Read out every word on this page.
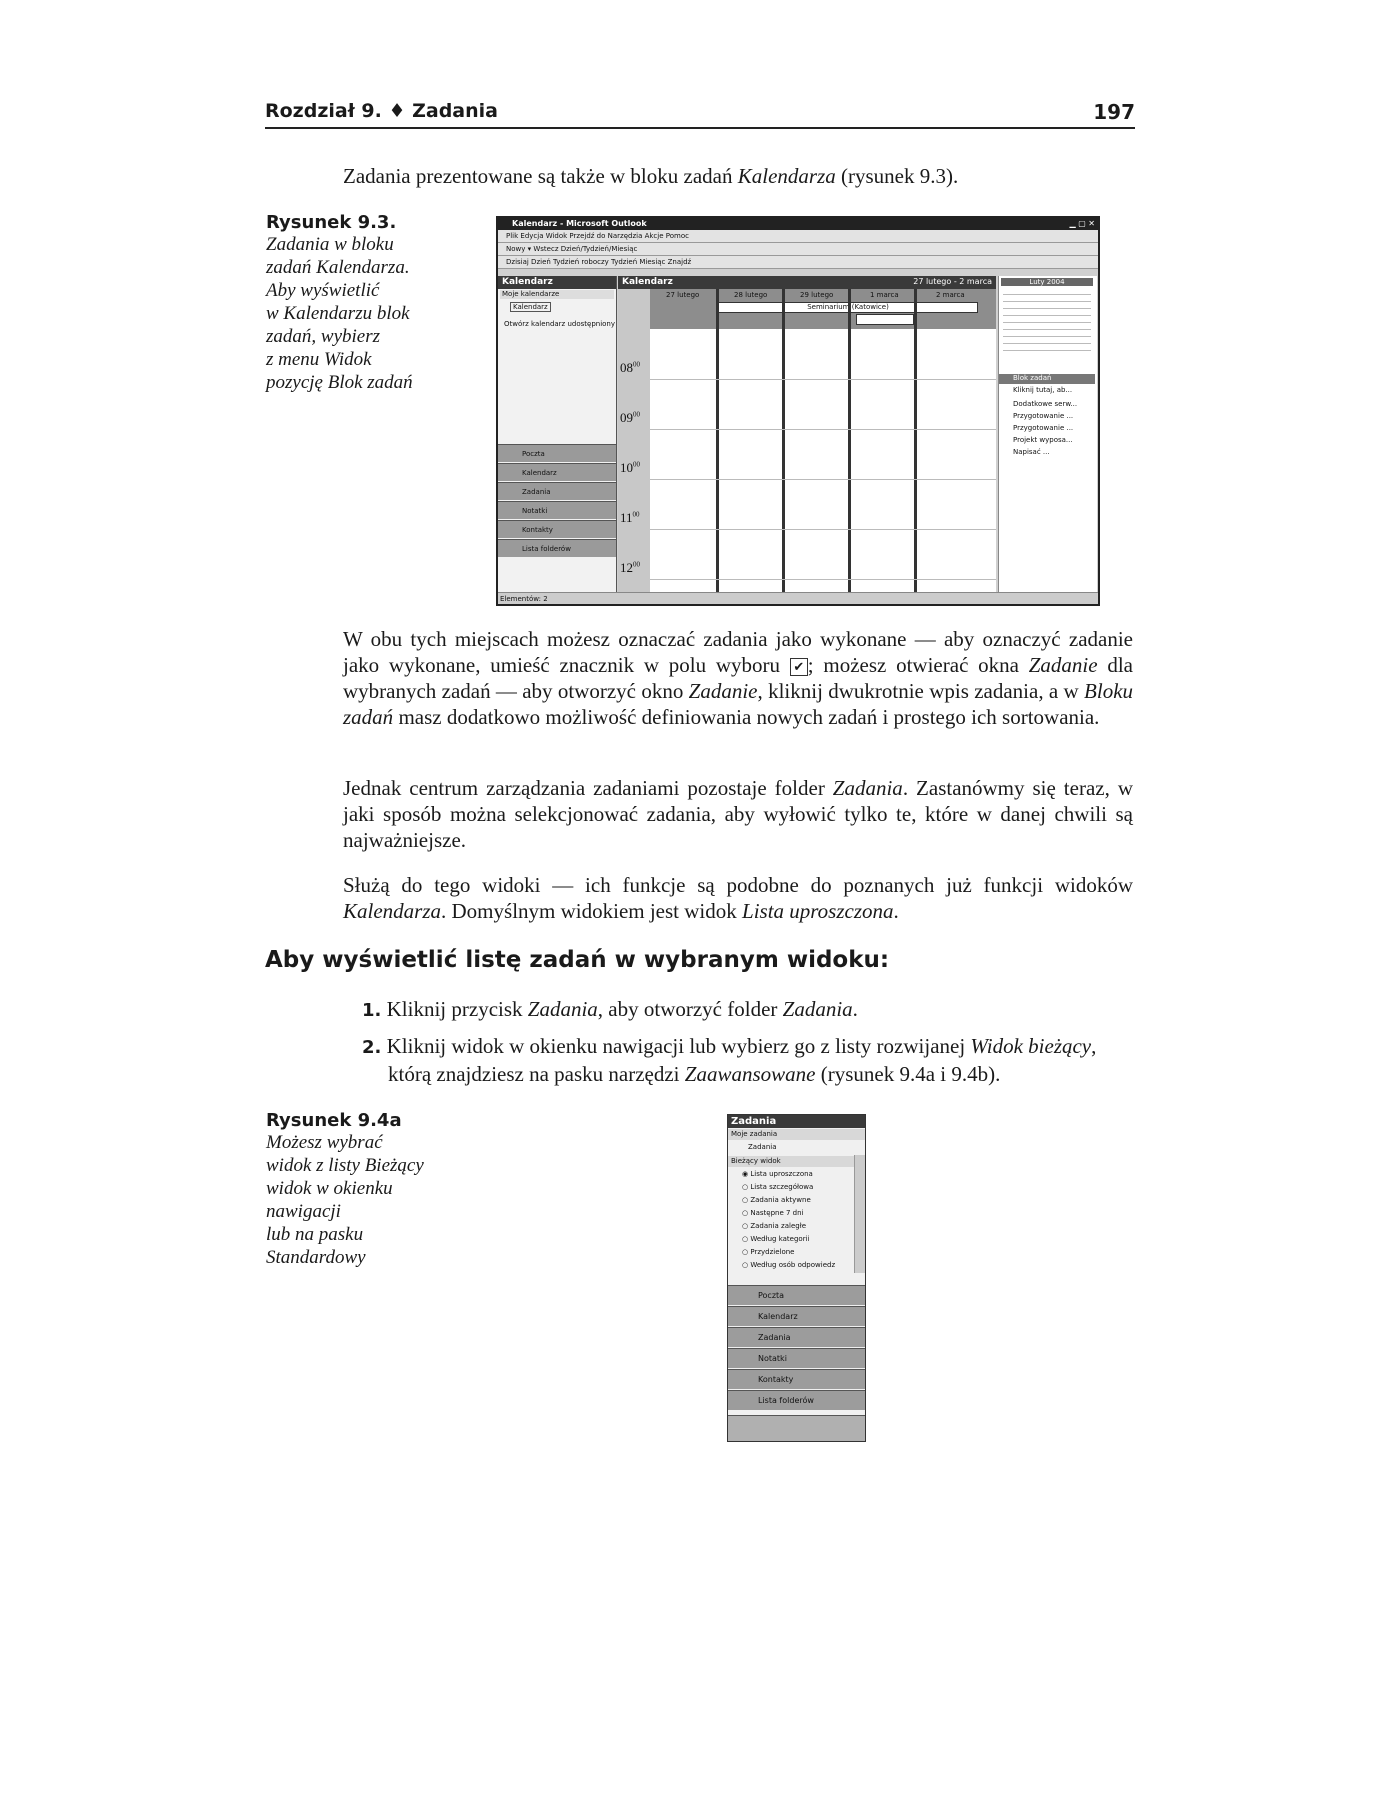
Rozdział 9. ♦ Zadania	197
Zadania prezentowane są także w bloku zadań Kalendarza (rysunek 9.3).
Rysunek 9.3.
Zadania w bloku
zadań Kalendarza.
Aby wyświetlić
w Kalendarzu blok
zadań, wybierz
z menu Widok
pozycję Blok zadań
Kalendarz - Microsoft Outlook	▁ ▢ ✕
Plik Edycja Widok Przejdź do Narzędzia Akcje Pomoc
Nowy ▾ Wstecz Dzień/Tydzień/Miesiąc
Dzisiaj Dzień Tydzień roboczy Tydzień Miesiąc Znajdź
Kalendarz
Moje kalendarze
Kalendarz
Otwórz kalendarz udostępniony
Poczta
Kalendarz
Zadania
Notatki
Kontakty
Lista folderów
Kalendarz	27 lutego - 2 marca
27 lutego	28 lutego	29 lutego	1 marca	2 marca
Seminarium (Katowice)
$08^{00}$
$09^{00}$
$10^{00}$
$11^{00}$
$12^{00}$
Luty 2004
Blok zadań
Kliknij tutaj, ab...
Dodatkowe serw...
Przygotowanie ...
Przygotowanie ...
Projekt wyposa...
Napisać ...
Elementów: 2
W obu tych miejscach możesz oznaczać zadania jako wykonane — aby oznaczyć zadanie jako wykonane, umieść znacznik w polu wyboru ✔ ; możesz otwierać okna Zadanie dla wybranych zadań — aby otworzyć okno Zadanie, kliknij dwukrotnie wpis zadania, a w Bloku zadań masz dodatkowo możliwość definiowania nowych zadań i prostego ich sortowania.
Jednak centrum zarządzania zadaniami pozostaje folder Zadania. Zastanówmy się teraz, w jaki sposób można selekcjonować zadania, aby wyłowić tylko te, które w danej chwili są najważniejsze.
Służą do tego widoki — ich funkcje są podobne do poznanych już funkcji widoków Kalendarza. Domyślnym widokiem jest widok Lista uproszczona.
Aby wyświetlić listę zadań w wybranym widoku:
1. Kliknij przycisk Zadania, aby otworzyć folder Zadania.
2. Kliknij widok w okienku nawigacji lub wybierz go z listy rozwijanej Widok bieżący, którą znajdziesz na pasku narzędzi Zaawansowane (rysunek 9.4a i 9.4b).
Rysunek 9.4a
Możesz wybrać
widok z listy Bieżący
widok w okienku
nawigacji
lub na pasku
Standardowy
Zadania
Moje zadania
Zadania
Bieżący widok
◉ Lista uproszczona
○ Lista szczegółowa
○ Zadania aktywne
○ Następne 7 dni
○ Zadania zaległe
○ Według kategorii
○ Przydzielone
○ Według osób odpowiedz
Poczta
Kalendarz
Zadania
Notatki
Kontakty
Lista folderów
